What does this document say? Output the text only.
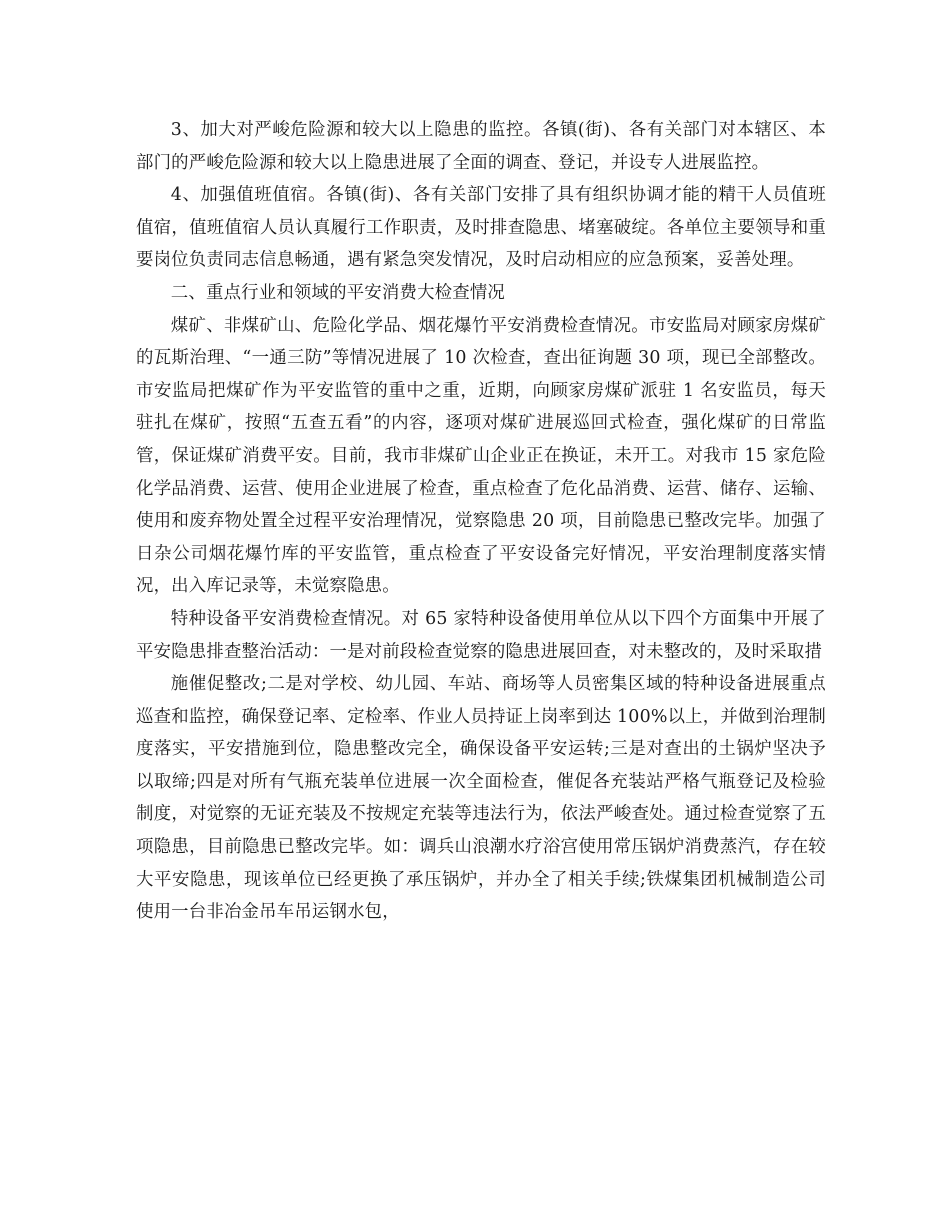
3、加大对严峻危险源和较大以上隐患的监控。各镇(街)、各有关部门对本辖区、本部门的严峻危险源和较大以上隐患进展了全面的调查、登记，并设专人进展监控。

4、加强值班值宿。各镇(街)、各有关部门安排了具有组织协调才能的精干人员值班值宿，值班值宿人员认真履行工作职责，及时排查隐患、堵塞破绽。各单位主要领导和重要岗位负责同志信息畅通，遇有紧急突发情况，及时启动相应的应急预案，妥善处理。

二、重点行业和领域的平安消费大检查情况

煤矿、非煤矿山、危险化学品、烟花爆竹平安消费检查情况。市安监局对顾家房煤矿的瓦斯治理、“一通三防”等情况进展了 10 次检查，查出征询题 30 项，现已全部整改。市安监局把煤矿作为平安监管的重中之重，近期，向顾家房煤矿派驻 1 名安监员，每天驻扎在煤矿，按照“五查五看”的内容，逐项对煤矿进展巡回式检查，强化煤矿的日常监管，保证煤矿消费平安。目前，我市非煤矿山企业正在换证，未开工。对我市 15 家危险化学品消费、运营、使用企业进展了检查，重点检查了危化品消费、运营、储存、运输、使用和废弃物处置全过程平安治理情况，觉察隐患 20 项，目前隐患已整改完毕。加强了日杂公司烟花爆竹库的平安监管，重点检查了平安设备完好情况，平安治理制度落实情况，出入库记录等，未觉察隐患。

特种设备平安消费检查情况。对 65 家特种设备使用单位从以下四个方面集中开展了平安隐患排查整治活动：一是对前段检查觉察的隐患进展回查，对未整改的，及时采取措

施催促整改;二是对学校、幼儿园、车站、商场等人员密集区域的特种设备进展重点巡查和监控，确保登记率、定检率、作业人员持证上岗率到达 100%以上，并做到治理制度落实，平安措施到位，隐患整改完全，确保设备平安运转;三是对查出的土锅炉坚决予以取缔;四是对所有气瓶充装单位进展一次全面检查，催促各充装站严格气瓶登记及检验制度，对觉察的无证充装及不按规定充装等违法行为，依法严峻查处。通过检查觉察了五项隐患，目前隐患已整改完毕。如：调兵山浪潮水疗浴宫使用常压锅炉消费蒸汽，存在较大平安隐患，现该单位已经更换了承压锅炉，并办全了相关手续;铁煤集团机械制造公司使用一台非冶金吊车吊运钢水包，
